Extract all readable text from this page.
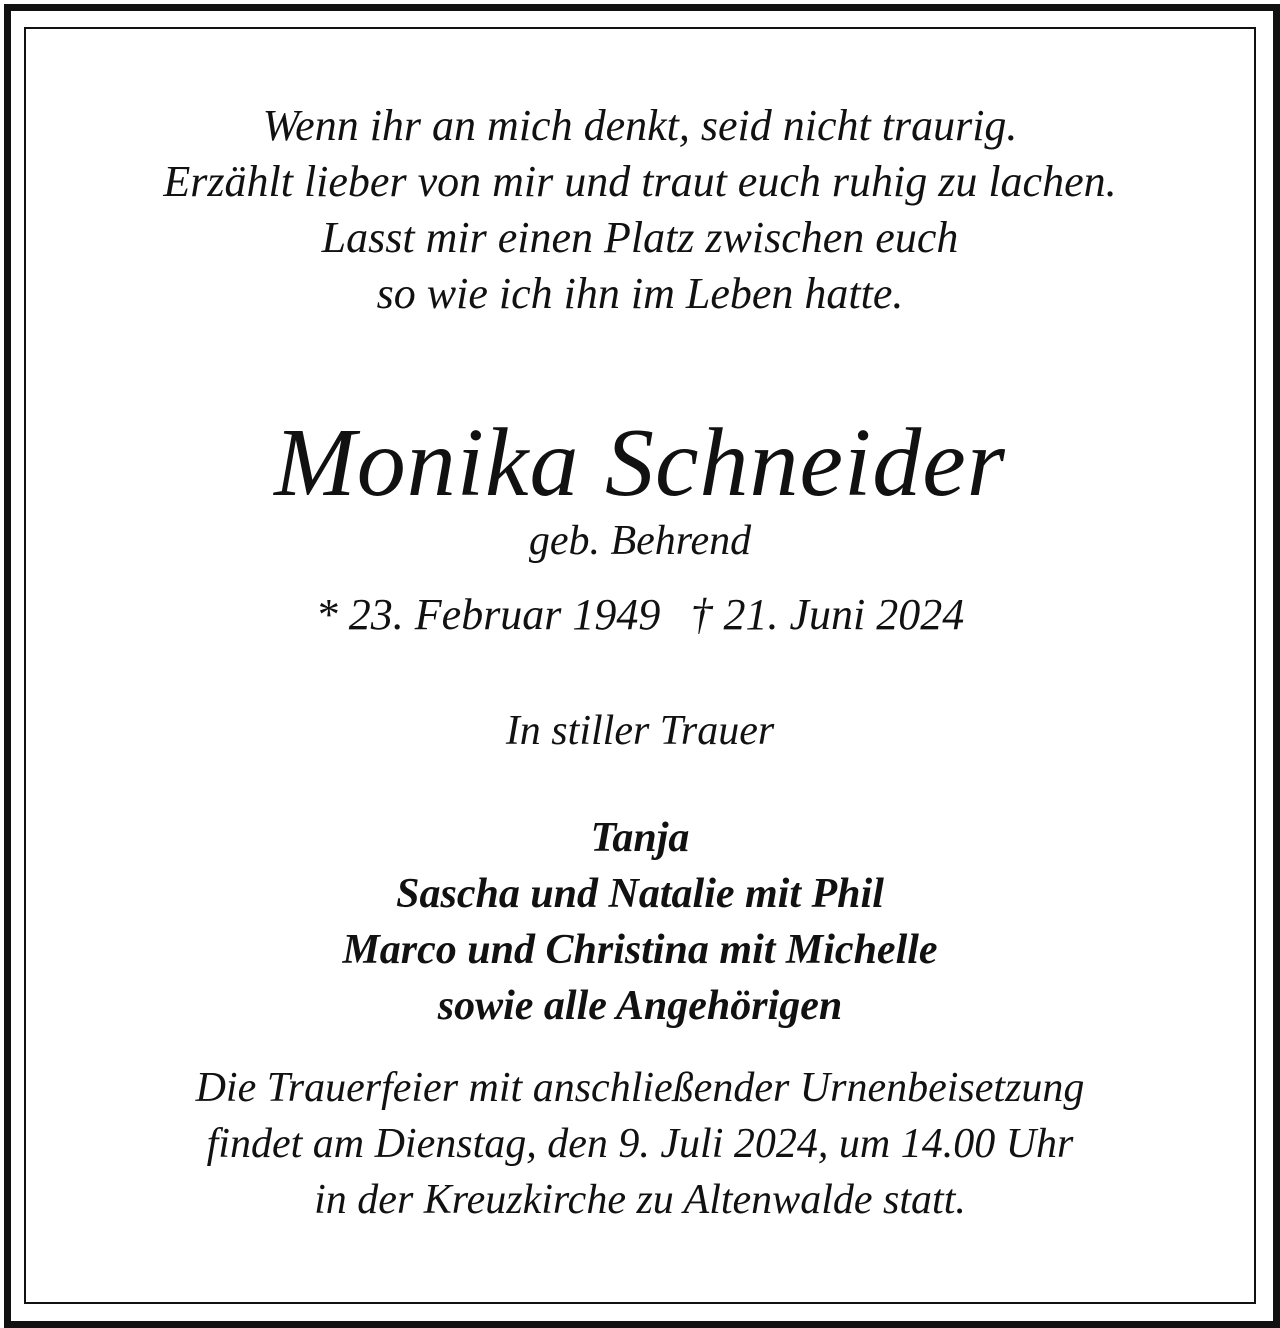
Wenn ihr an mich denkt, seid nicht traurig.
Erzählt lieber von mir und traut euch ruhig zu lachen.
Lasst mir einen Platz zwischen euch
so wie ich ihn im Leben hatte.
Monika Schneider
geb. Behrend
* 23. Februar 1949 † 21. Juni 2024
In stiller Trauer
Tanja
Sascha und Natalie mit Phil
Marco und Christina mit Michelle
sowie alle Angehörigen
Die Trauerfeier mit anschließender Urnenbeisetzung
findet am Dienstag, den 9. Juli 2024, um 14.00 Uhr
in der Kreuzkirche zu Altenwalde statt.
